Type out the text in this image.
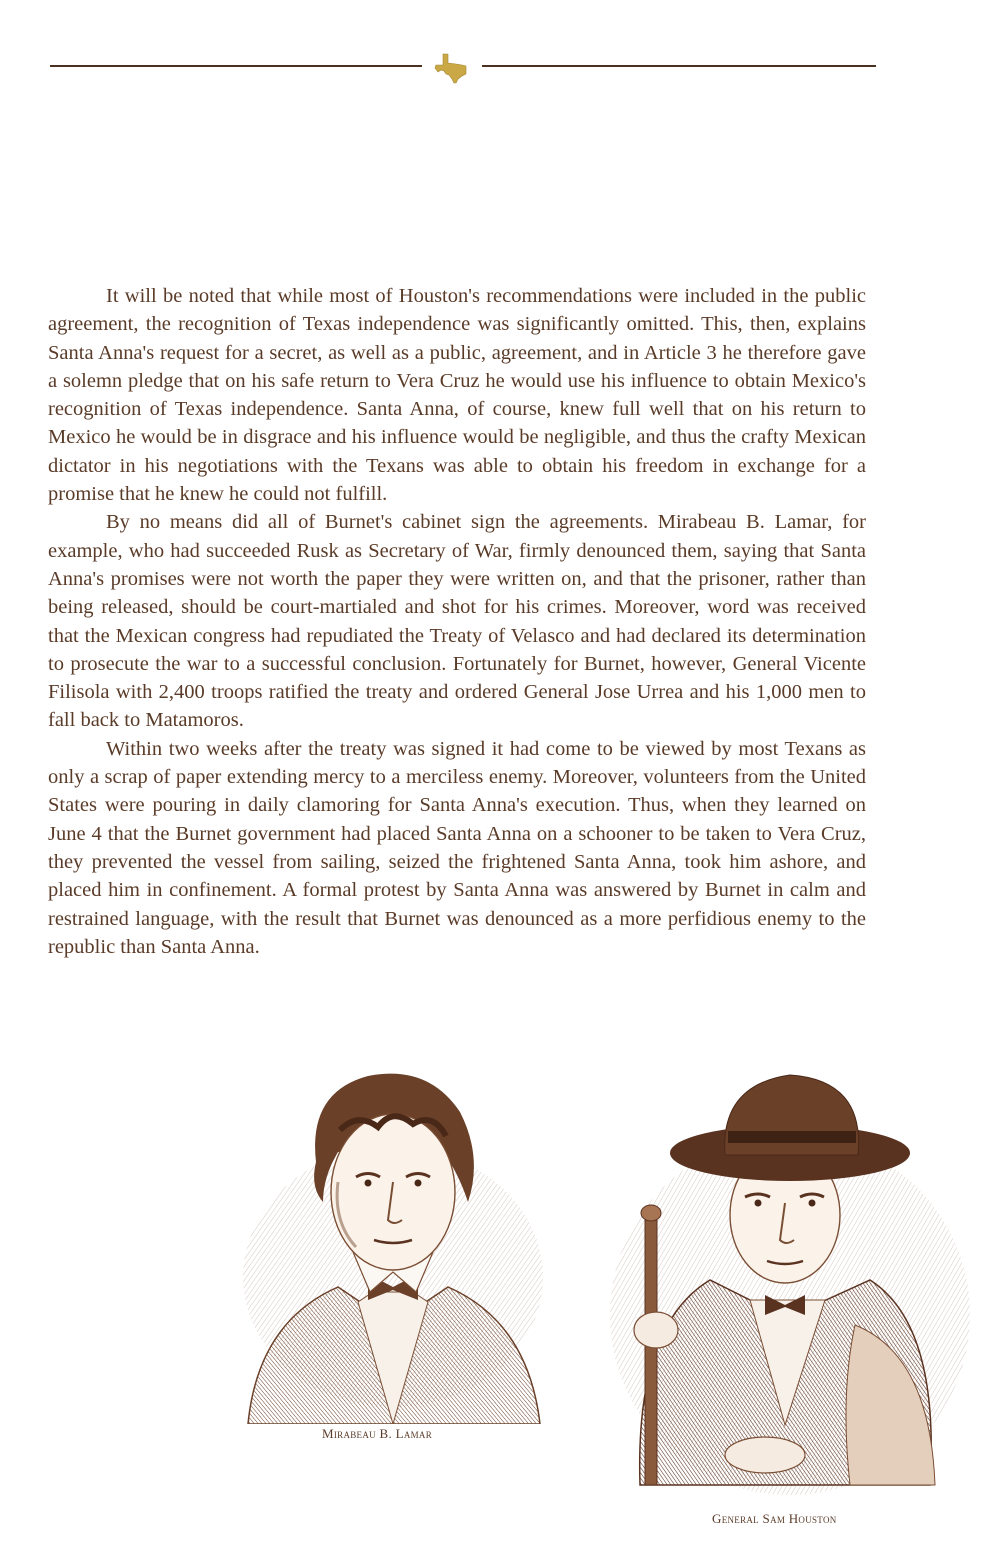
It will be noted that while most of Houston's recommendations were included in the public agreement, the recognition of Texas independence was significantly omitted. This, then, explains Santa Anna's request for a secret, as well as a public, agreement, and in Article 3 he therefore gave a solemn pledge that on his safe return to Vera Cruz he would use his influence to obtain Mexico's recognition of Texas independence. Santa Anna, of course, knew full well that on his return to Mexico he would be in disgrace and his influence would be negligible, and thus the crafty Mexican dictator in his negotiations with the Texans was able to obtain his freedom in exchange for a promise that he knew he could not fulfill.

By no means did all of Burnet's cabinet sign the agreements. Mirabeau B. Lamar, for example, who had succeeded Rusk as Secretary of War, firmly denounced them, saying that Santa Anna's promises were not worth the paper they were written on, and that the prisoner, rather than being released, should be court-martialed and shot for his crimes. Moreover, word was received that the Mexican congress had repudiated the Treaty of Velasco and had declared its determination to prosecute the war to a successful conclusion. Fortunately for Burnet, however, General Vicente Filisola with 2,400 troops ratified the treaty and ordered General Jose Urrea and his 1,000 men to fall back to Matamoros.

Within two weeks after the treaty was signed it had come to be viewed by most Texans as only a scrap of paper extending mercy to a merciless enemy. Moreover, volunteers from the United States were pouring in daily clamoring for Santa Anna's execution. Thus, when they learned on June 4 that the Burnet government had placed Santa Anna on a schooner to be taken to Vera Cruz, they prevented the vessel from sailing, seized the frightened Santa Anna, took him ashore, and placed him in confinement. A formal protest by Santa Anna was answered by Burnet in calm and restrained language, with the result that Burnet was denounced as a more perfidious enemy to the republic than Santa Anna.

Mirabeau B. Lamar
General Sam Houston
